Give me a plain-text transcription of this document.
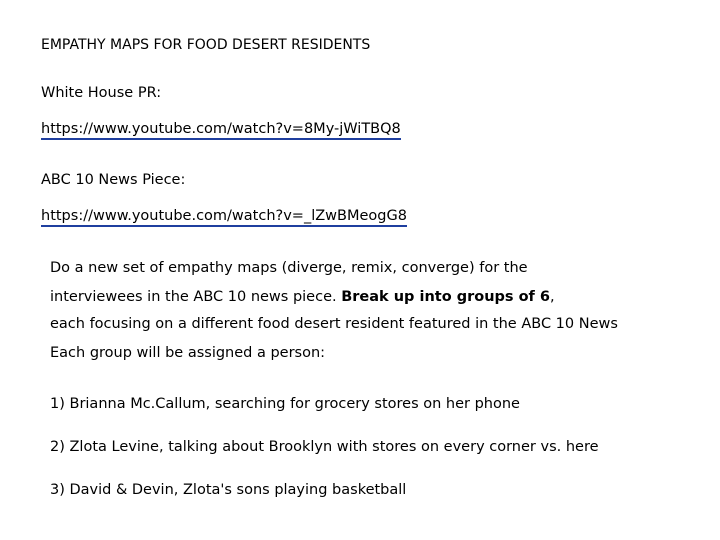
EMPATHY MAPS FOR FOOD DESERT RESIDENTS
White House PR:
https://www.youtube.com/watch?v=8My-jWiTBQ8
ABC 10 News Piece:
https://www.youtube.com/watch?v=_lZwBMeogG8
Do a new set of empathy maps (diverge, remix, converge) for the
interviewees in the ABC 10 news piece. Break up into groups of 6,
each focusing on a different food desert resident featured in the ABC 10 News
Each group will be assigned a person:
1) Brianna Mc.Callum, searching for grocery stores on her phone
2) Zlota Levine, talking about Brooklyn with stores on every corner vs. here
3) David & Devin, Zlota's sons playing basketball
